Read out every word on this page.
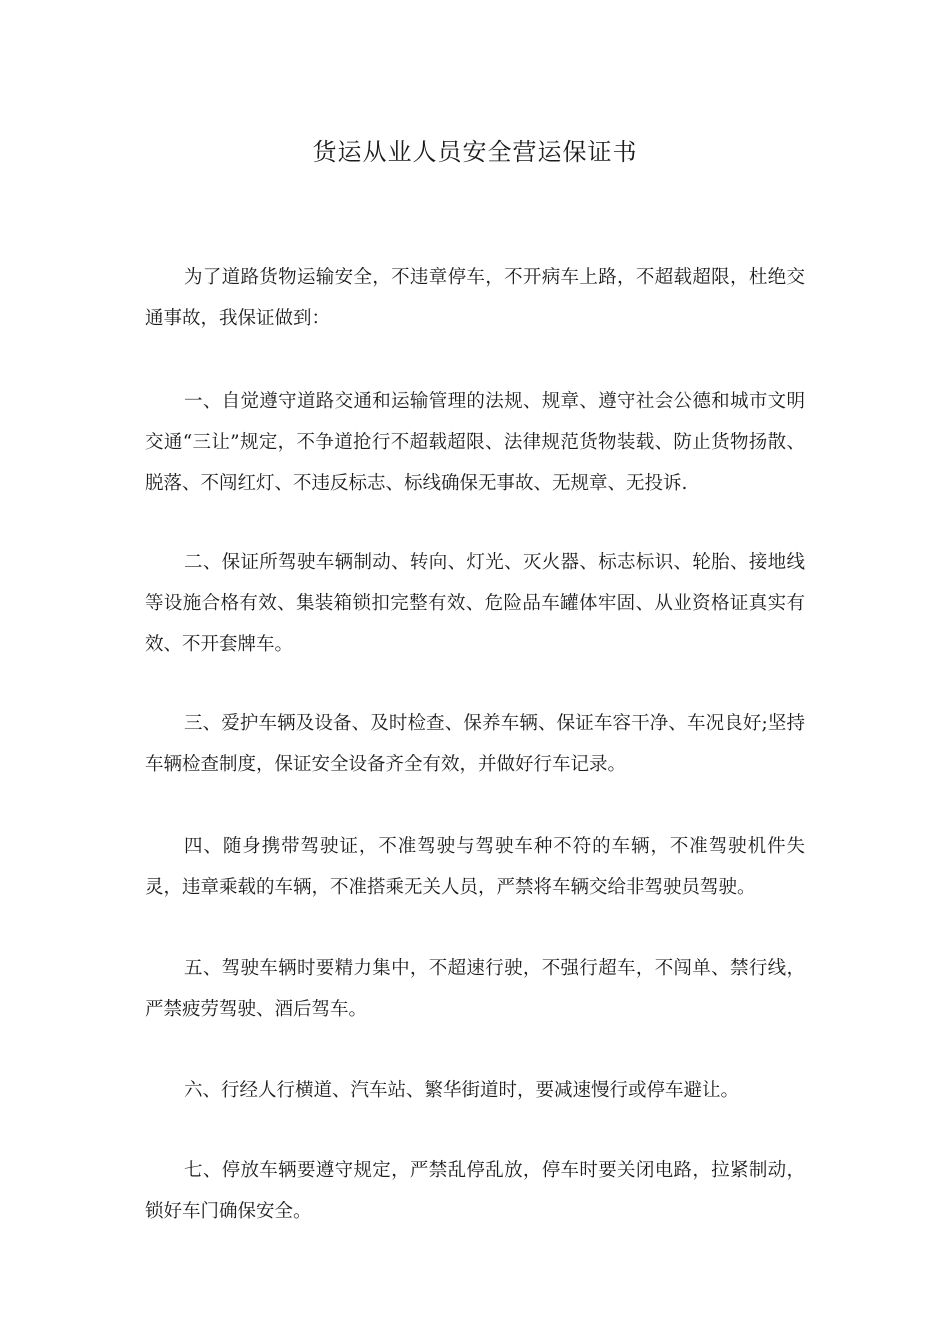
货运从业人员安全营运保证书

为了道路货物运输安全，不违章停车，不开病车上路，不超载超限，杜绝交通事故，我保证做到：

一、自觉遵守道路交通和运输管理的法规、规章、遵守社会公德和城市文明交通“三让”规定，不争道抢行不超载超限、法律规范货物装载、防止货物扬散、脱落、不闯红灯、不违反标志、标线确保无事故、无规章、无投诉.

二、保证所驾驶车辆制动、转向、灯光、灭火器、标志标识、轮胎、接地线等设施合格有效、集装箱锁扣完整有效、危险品车罐体牢固、从业资格证真实有效、不开套牌车。

三、爱护车辆及设备、及时检查、保养车辆、保证车容干净、车况良好;坚持车辆检查制度，保证安全设备齐全有效，并做好行车记录。

四、随身携带驾驶证，不准驾驶与驾驶车种不符的车辆，不准驾驶机件失灵，违章乘载的车辆，不准搭乘无关人员，严禁将车辆交给非驾驶员驾驶。

五、驾驶车辆时要精力集中，不超速行驶，不强行超车，不闯单、禁行线，严禁疲劳驾驶、酒后驾车。

六、行经人行横道、汽车站、繁华街道时，要减速慢行或停车避让。

七、停放车辆要遵守规定，严禁乱停乱放，停车时要关闭电路，拉紧制动，锁好车门确保安全。
